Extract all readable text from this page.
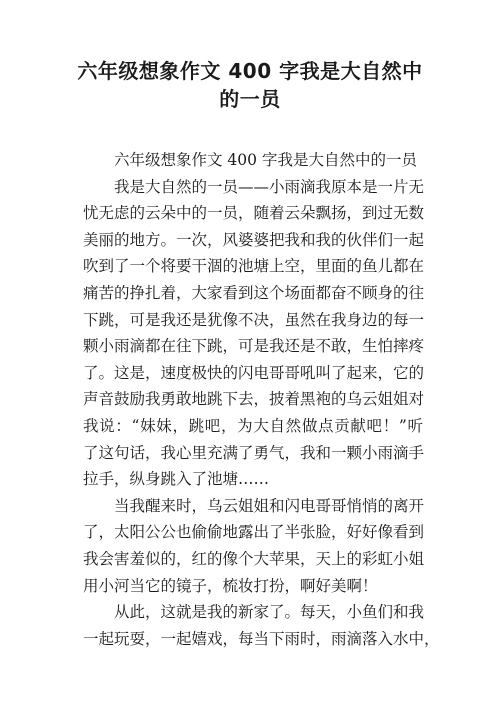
六年级想象作文 400 字我是大自然中
的一员
六年级想象作文 400 字我是大自然中的一员
我是大自然的一员——小雨滴我原本是一片无
忧无虑的云朵中的一员，随着云朵飘扬，到过无数
美丽的地方。一次，风婆婆把我和我的伙伴们一起
吹到了一个将要干涸的池塘上空，里面的鱼儿都在
痛苦的挣扎着，大家看到这个场面都奋不顾身的往
下跳，可是我还是犹像不决，虽然在我身边的每一
颗小雨滴都在往下跳，可是我还是不敢，生怕摔疼
了。这是，速度极快的闪电哥哥吼叫了起来，它的
声音鼓励我勇敢地跳下去，披着黑袍的乌云姐姐对
我说：“妹妹，跳吧，为大自然做点贡献吧！”听
了这句话，我心里充满了勇气，我和一颗小雨滴手
拉手，纵身跳入了池塘……
当我醒来时，乌云姐姐和闪电哥哥悄悄的离开
了，太阳公公也偷偷地露出了半张脸，好好像看到
我会害羞似的，红的像个大苹果，天上的彩虹小姐
用小河当它的镜子，梳妆打扮，啊好美啊！
从此，这就是我的新家了。每天，小鱼们和我
一起玩耍，一起嬉戏，每当下雨时，雨滴落入水中，
